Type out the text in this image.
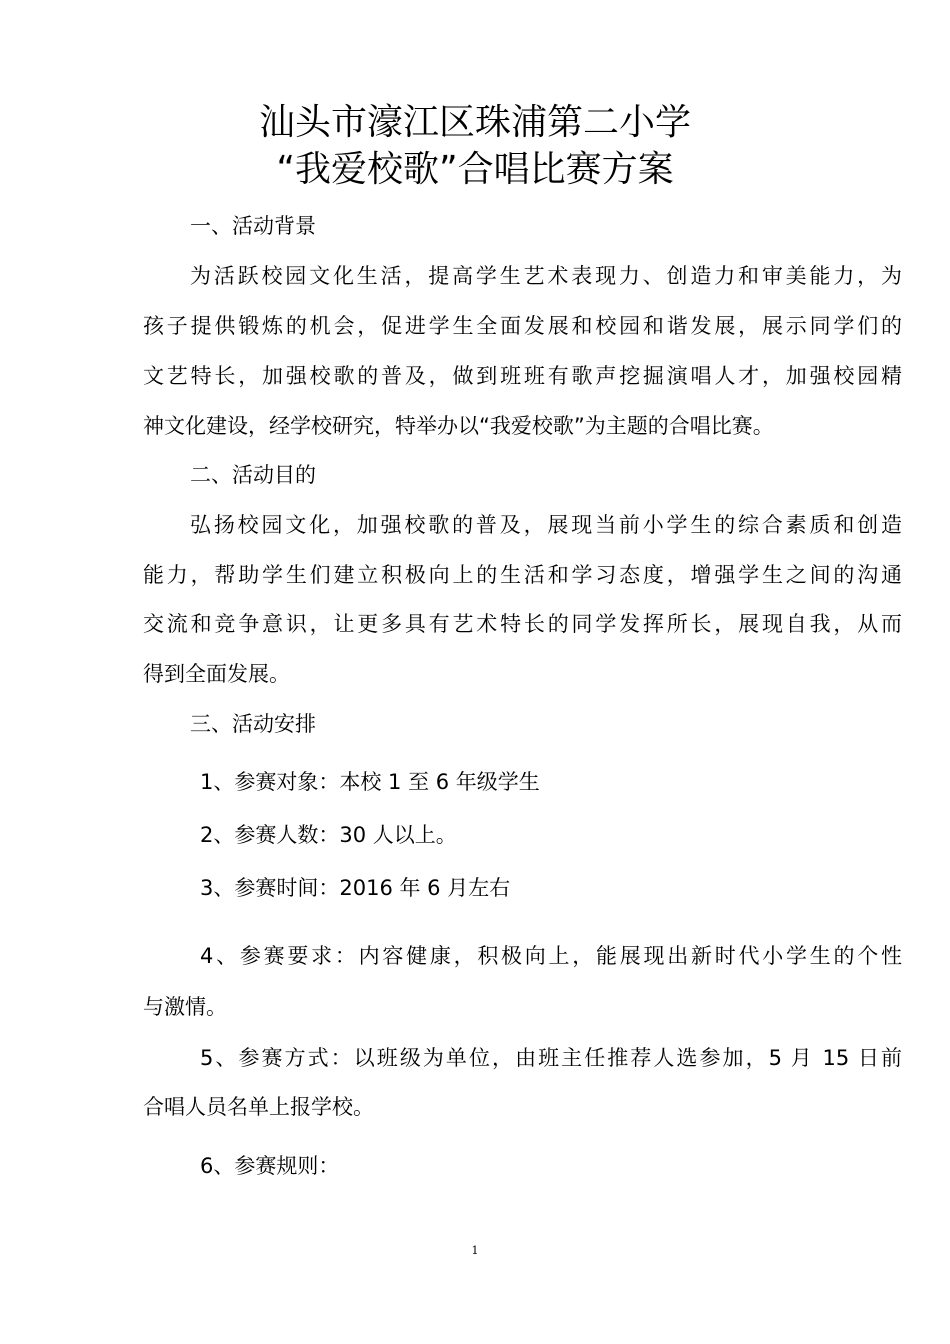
汕头市濠江区珠浦第二小学
“我爱校歌”合唱比赛方案
一、活动背景
为活跃校园文化生活，提高学生艺术表现力、创造力和审美能力，为
孩子提供锻炼的机会，促进学生全面发展和校园和谐发展，展示同学们的
文艺特长，加强校歌的普及，做到班班有歌声挖掘演唱人才，加强校园精
神文化建设，经学校研究，特举办以“我爱校歌”为主题的合唱比赛。
二、活动目的
弘扬校园文化，加强校歌的普及，展现当前小学生的综合素质和创造
能力，帮助学生们建立积极向上的生活和学习态度，增强学生之间的沟通
交流和竞争意识，让更多具有艺术特长的同学发挥所长，展现自我，从而
得到全面发展。
三、活动安排
1、参赛对象：本校 1 至 6 年级学生
2、参赛人数：30 人以上。
3、参赛时间：2016 年 6 月左右
4、参赛要求：内容健康，积极向上，能展现出新时代小学生的个性
与激情。
5、参赛方式：以班级为单位，由班主任推荐人选参加，5 月 15 日前
合唱人员名单上报学校。
6、参赛规则：
1
